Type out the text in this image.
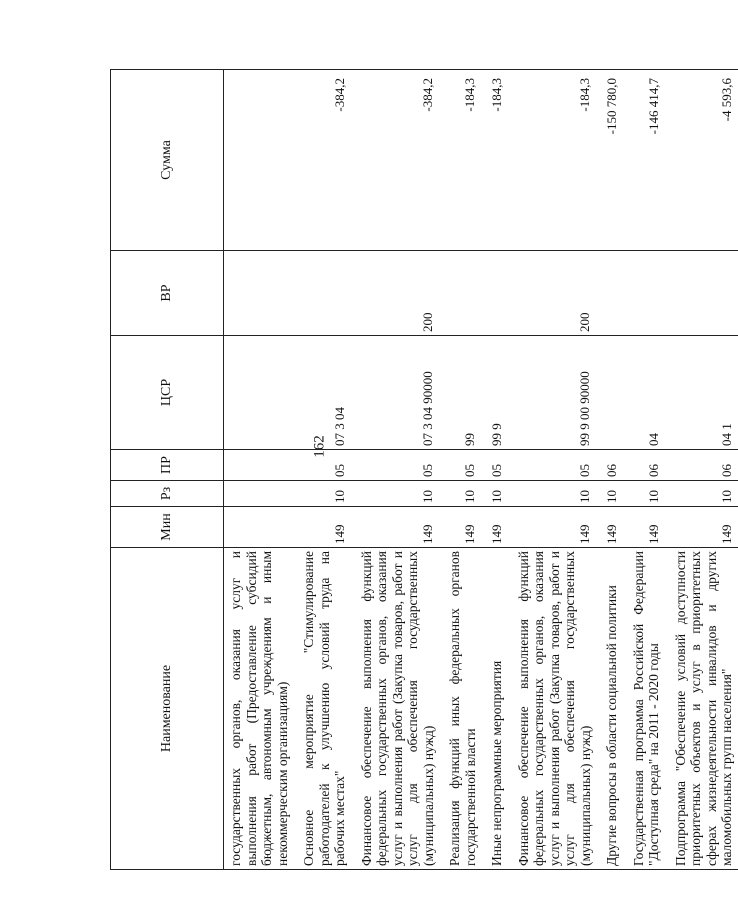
162
Наименование	Мин	Рз	ПР	ЦСР	ВР	Сумма
государственных органов, оказания услуг и выполнения работ (Предоставление субсидий бюджетным, автономным учреждениям и иным некоммерческим организациям)						
Основное мероприятие "Стимулирование работодателей к улучшению условий труда на рабочих местах"	149	10	05	07 3 04		-384,2
Финансовое обеспечение выполнения функций федеральных государственных органов, оказания услуг и выполнения работ (Закупка товаров, работ и услуг для обеспечения государственных (муниципальных) нужд)	149	10	05	07 3 04 90000	200	-384,2
Реализация функций иных федеральных органов государственной власти	149	10	05	99		-184,3
Иные непрограммные мероприятия	149	10	05	99 9		-184,3
Финансовое обеспечение выполнения функций федеральных государственных органов, оказания услуг и выполнения работ (Закупка товаров, работ и услуг для обеспечения государственных (муниципальных) нужд)	149	10	05	99 9 00 90000	200	-184,3
Другие вопросы в области социальной политики	149	10	06			-150 780,0
Государственная программа Российской Федерации "Доступная среда" на 2011 - 2020 годы	149	10	06	04		-146 414,7
Подпрограмма "Обеспечение условий доступности приоритетных объектов и услуг в приоритетных сферах жизнедеятельности инвалидов и других маломобильных групп населения"	149	10	06	04 1		-4 593,6
